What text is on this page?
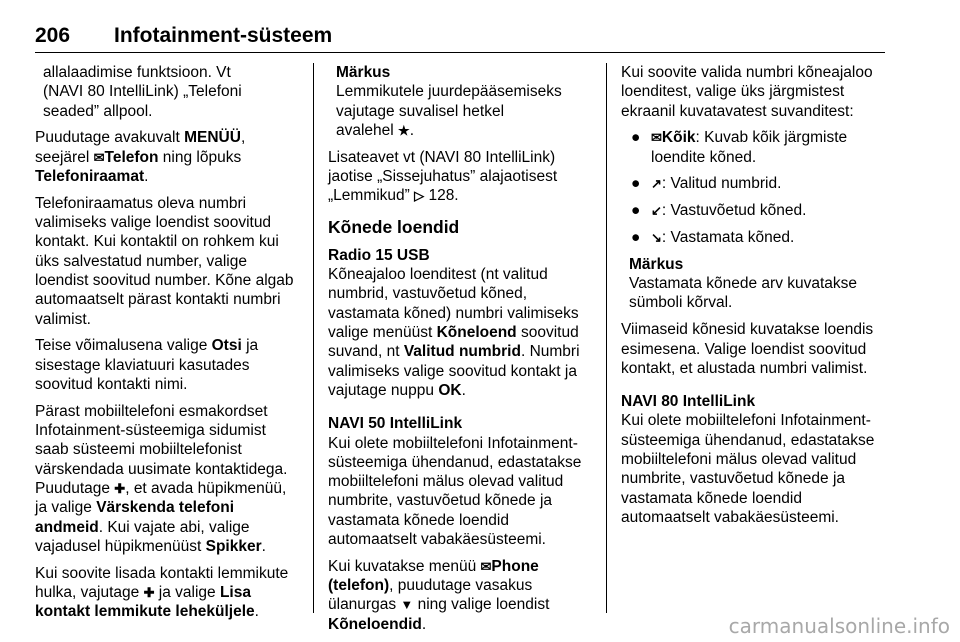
206 Infotainment-süsteem
allalaadimise funktsioon. Vt
(NAVI 80 IntelliLink) „Telefoni
seaded” allpool.
Puudutage avakuvalt MENÜÜ,
seejärel ✉Telefon ning lõpuks
Telefoniraamat.
Telefoniraamatus oleva numbri
valimiseks valige loendist soovitud
kontakt. Kui kontaktil on rohkem kui
üks salvestatud number, valige
loendist soovitud number. Kõne algab
automaatselt pärast kontakti numbri
valimist.
Teise võimalusena valige Otsi ja
sisestage klaviatuuri kasutades
soovitud kontakti nimi.
Pärast mobiiltelefoni esmakordset
Infotainment-süsteemiga sidumist
saab süsteemi mobiiltelefonist
värskendada uusimate kontaktidega.
Puudutage ✚, et avada hüpikmenüü,
ja valige Värskenda telefoni
andmeid. Kui vajate abi, valige
vajadusel hüpikmenüüst Spikker.
Kui soovite lisada kontakti lemmikute
hulka, vajutage ✚ ja valige Lisa
kontakt lemmikute leheküljele.
Märkus
Lemmikutele juurdepääsemiseks
vajutage suvalisel hetkel
avalehel ★.
Lisateavet vt (NAVI 80 IntelliLink)
jaotise „Sissejuhatus” alajaotisest
„Lemmikud” ▷ 128.
Kõnede loendid
Radio 15 USB
Kõneajaloo loenditest (nt valitud
numbrid, vastuvõetud kõned,
vastamata kõned) numbri valimiseks
valige menüüst Kõneloend soovitud
suvand, nt Valitud numbrid. Numbri
valimiseks valige soovitud kontakt ja
vajutage nuppu OK.
NAVI 50 IntelliLink
Kui olete mobiiltelefoni Infotainment-
süsteemiga ühendanud, edastatakse
mobiiltelefoni mälus olevad valitud
numbrite, vastuvõetud kõnede ja
vastamata kõnede loendid
automaatselt vabakäesüsteemi.
Kui kuvatakse menüü ✉Phone
(telefon), puudutage vasakus
ülanurgas ▼ ning valige loendist
Kõneloendid.
Kui soovite valida numbri kõneajaloo
loenditest, valige üks järgmistest
ekraanil kuvatavatest suvanditest:
● ✉Kõik: Kuvab kõik järgmiste
loendite kõned.
● ↗: Valitud numbrid.
● ↙: Vastuvõetud kõned.
● ↘: Vastamata kõned.
Märkus
Vastamata kõnede arv kuvatakse
sümboli kõrval.
Viimaseid kõnesid kuvatakse loendis
esimesena. Valige loendist soovitud
kontakt, et alustada numbri valimist.
NAVI 80 IntelliLink
Kui olete mobiiltelefoni Infotainment-
süsteemiga ühendanud, edastatakse
mobiiltelefoni mälus olevad valitud
numbrite, vastuvõetud kõnede ja
vastamata kõnede loendid
automaatselt vabakäesüsteemi.
carmanualsonline.info
